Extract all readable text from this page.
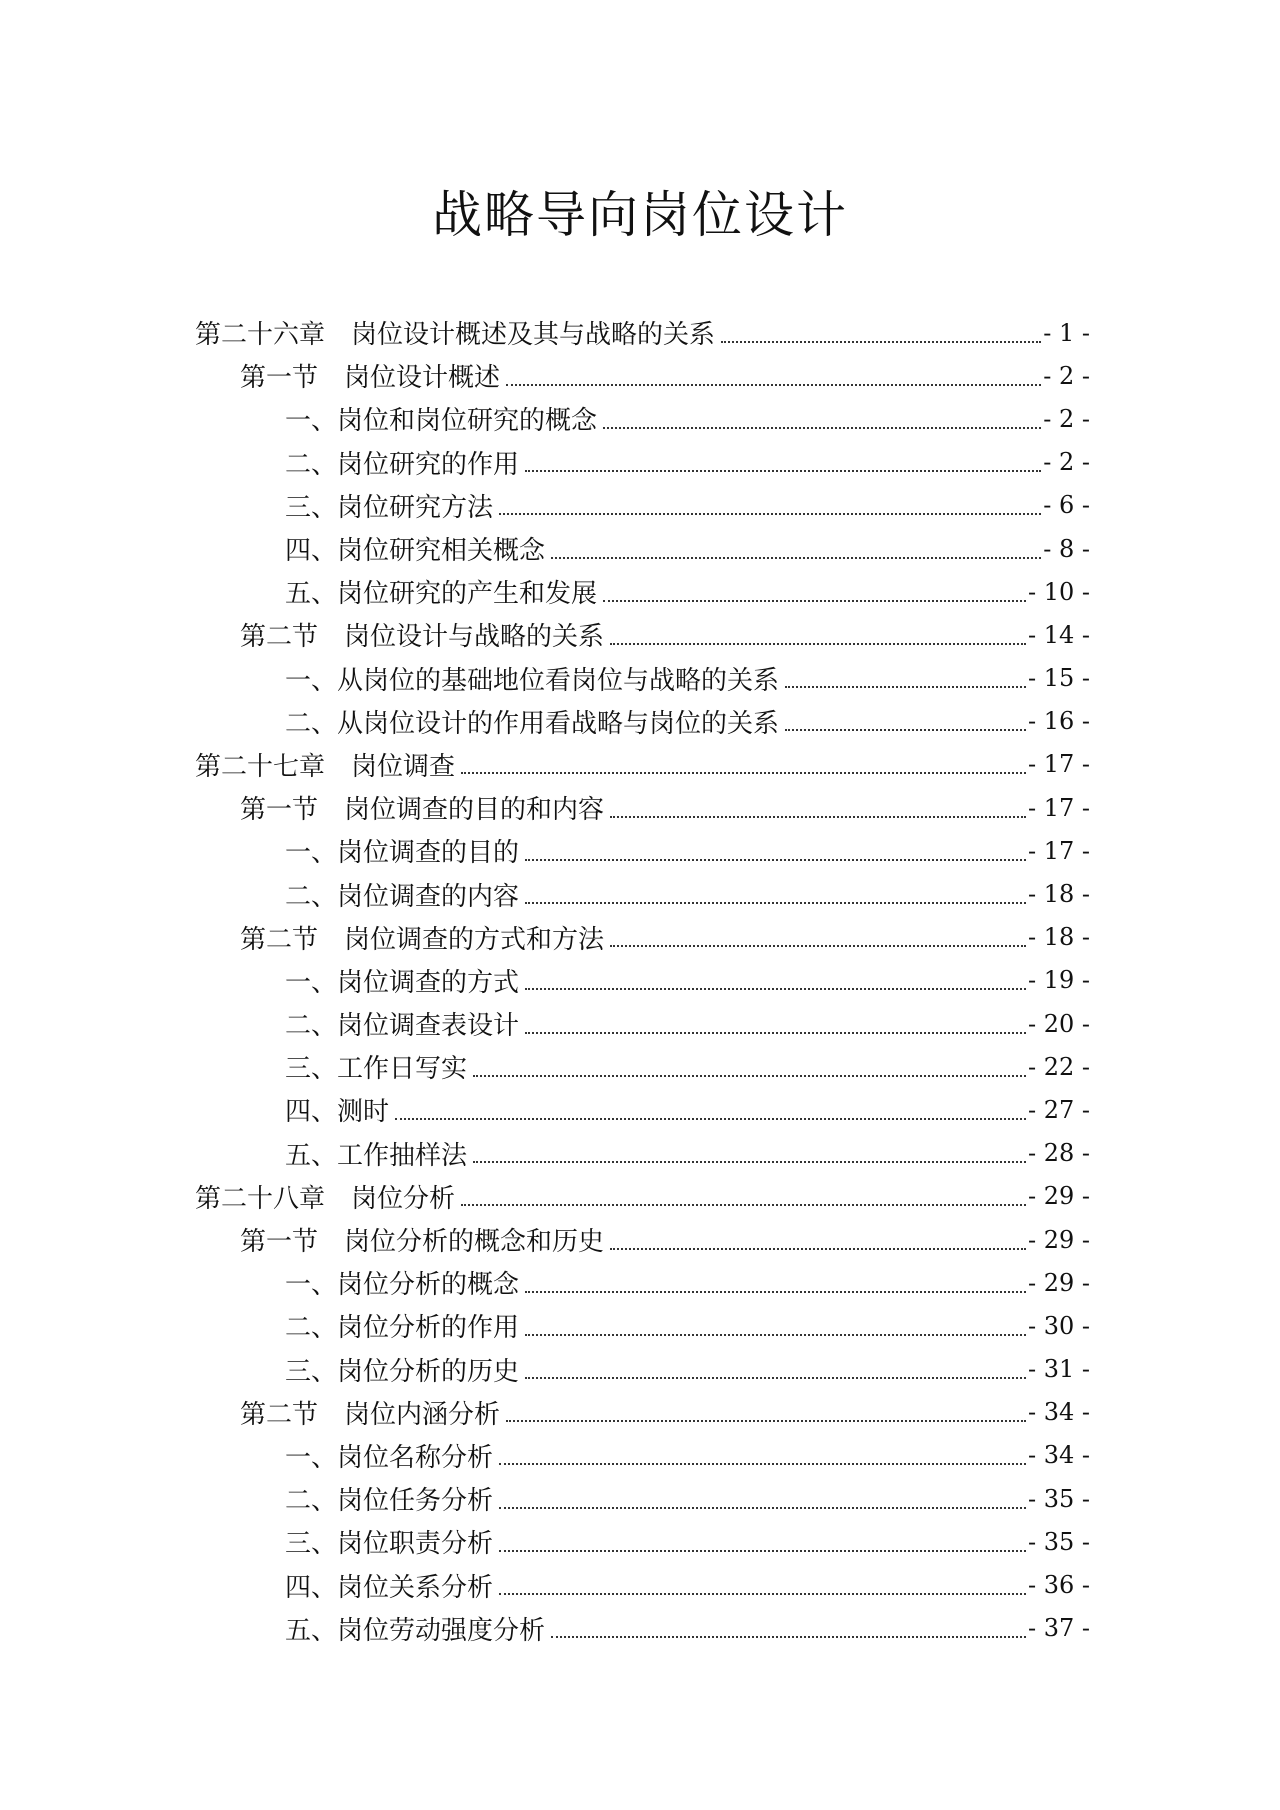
战略导向岗位设计
第二十六章　岗位设计概述及其与战略的关系	- 1 -
第一节　岗位设计概述	- 2 -
一、岗位和岗位研究的概念	- 2 -
二、岗位研究的作用	- 2 -
三、岗位研究方法	- 6 -
四、岗位研究相关概念	- 8 -
五、岗位研究的产生和发展	- 10 -
第二节　岗位设计与战略的关系	- 14 -
一、从岗位的基础地位看岗位与战略的关系	- 15 -
二、从岗位设计的作用看战略与岗位的关系	- 16 -
第二十七章　岗位调查	- 17 -
第一节　岗位调查的目的和内容	- 17 -
一、岗位调查的目的	- 17 -
二、岗位调查的内容	- 18 -
第二节　岗位调查的方式和方法	- 18 -
一、岗位调查的方式	- 19 -
二、岗位调查表设计	- 20 -
三、工作日写实	- 22 -
四、测时	- 27 -
五、工作抽样法	- 28 -
第二十八章　岗位分析	- 29 -
第一节　岗位分析的概念和历史	- 29 -
一、岗位分析的概念	- 29 -
二、岗位分析的作用	- 30 -
三、岗位分析的历史	- 31 -
第二节　岗位内涵分析	- 34 -
一、岗位名称分析	- 34 -
二、岗位任务分析	- 35 -
三、岗位职责分析	- 35 -
四、岗位关系分析	- 36 -
五、岗位劳动强度分析	- 37 -
